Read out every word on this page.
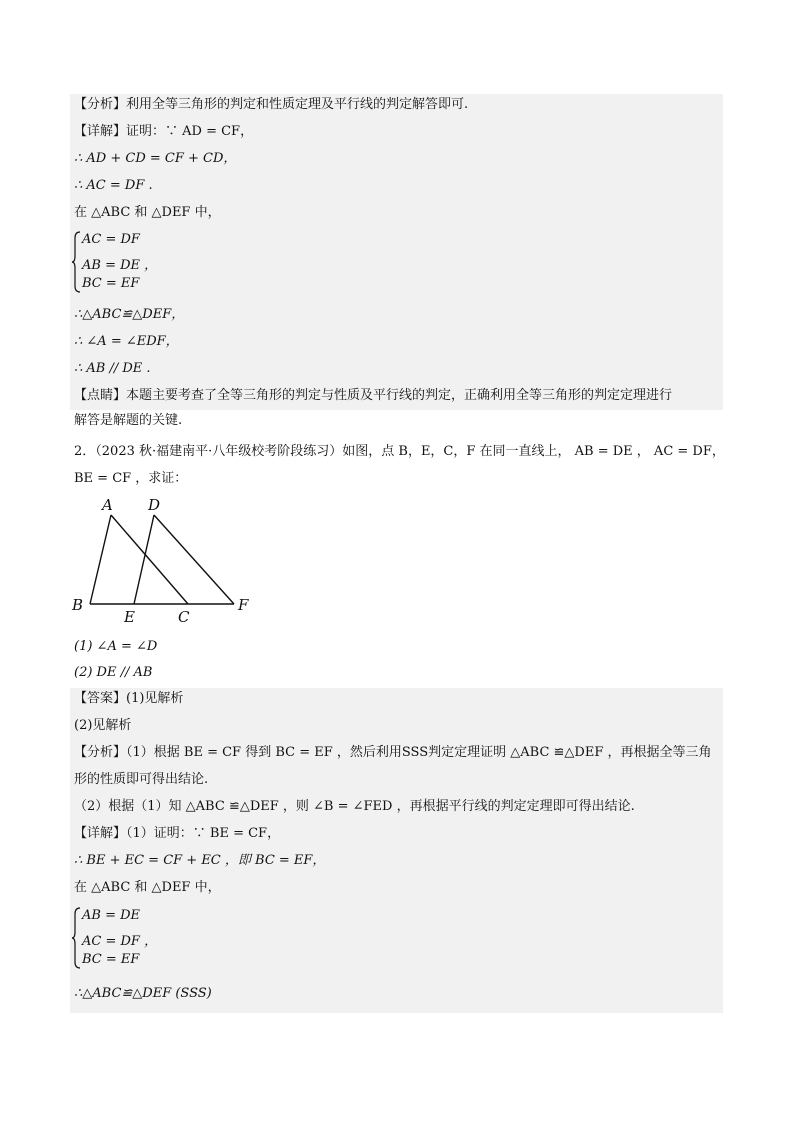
【分析】利用全等三角形的判定和性质定理及平行线的判定解答即可.
【详解】证明：∵ AD = CF，
∴ AD + CD = CF + CD，
∴ AC = DF .
在 △ABC 和 △DEF 中，
AC = DF
AB = DE ，
BC = EF
∴△ABC≌△DEF，
∴ ∠A = ∠EDF，
∴ AB // DE .
【点睛】本题主要考查了全等三角形的判定与性质及平行线的判定，正确利用全等三角形的判定定理进行
解答是解题的关键.
2．（2023 秋·福建南平·八年级校考阶段练习）如图，点 B，E，C，F 在同一直线上， AB = DE ， AC = DF，
BE = CF ，求证：
A D
B
E	C
F
(1) ∠A = ∠D
(2) DE // AB
【答案】(1)见解析
(2)见解析
【分析】（1）根据 BE = CF 得到 BC = EF ，然后利用SSS判定定理证明 △ABC ≌△DEF ，再根据全等三角
形的性质即可得出结论.
（2）根据（1）知 △ABC ≌△DEF ，则 ∠B = ∠FED ，再根据平行线的判定定理即可得出结论.
【详解】（1）证明：∵ BE = CF，
∴ BE + EC = CF + EC ，即 BC = EF，
在 △ABC 和 △DEF 中，
AB = DE
AC = DF ，
BC = EF
∴△ABC≌△DEF (SSS)
